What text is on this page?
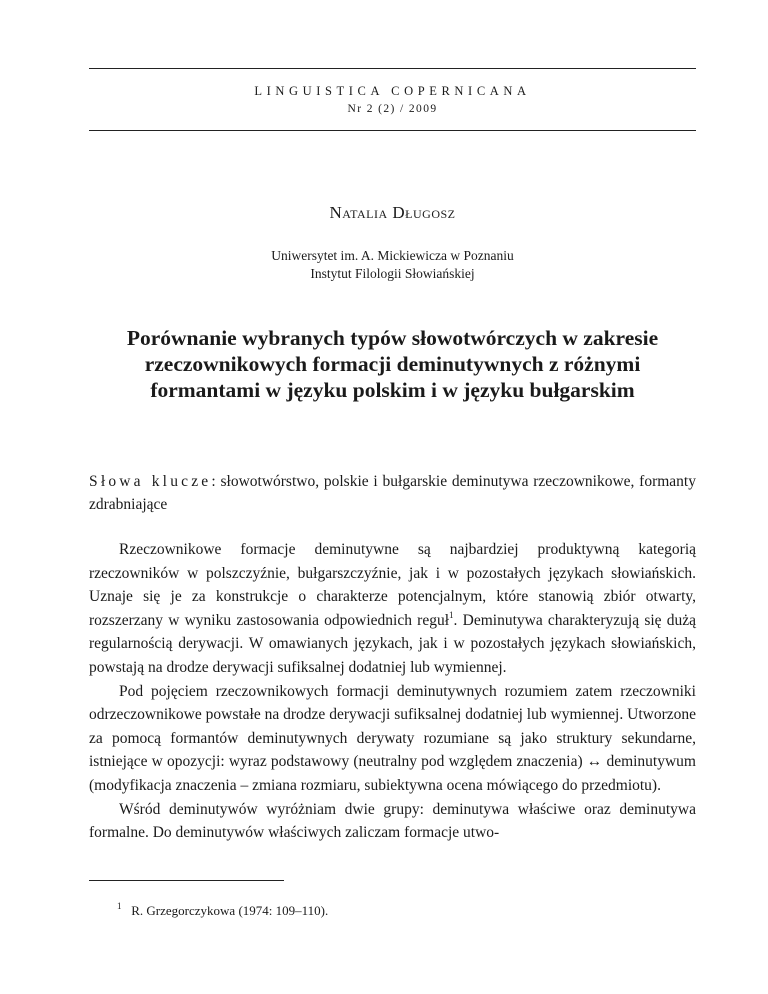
LINGUISTICA COPERNICANA
Nr 2 (2) / 2009
Natalia Długosz
Uniwersytet im. A. Mickiewicza w Poznaniu
Instytut Filologii Słowiańskiej
Porównanie wybranych typów słowotwórczych w zakresie rzeczownikowych formacji deminutywnych z różnymi formantami w języku polskim i w języku bułgarskim
Słowa klucze: słowotwórstwo, polskie i bułgarskie deminutywa rzeczownikowe, formanty zdrabniające

Rzeczownikowe formacje deminutywne są najbardziej produktywną kategorią rzeczowników w polszczyźnie, bułgarszczyźnie, jak i w pozostałych językach słowiańskich. Uznaje się je za konstrukcje o charakterze potencjalnym, które stanowią zbiór otwarty, rozszerzany w wyniku zastosowania odpowiednich reguł$^1$. Deminutywa charakteryzują się dużą regularnością derywacji. W omawianych językach, jak i w pozostałych językach słowiańskich, powstają na drodze derywacji sufiksalnej dodatniej lub wymiennej.

Pod pojęciem rzeczownikowych formacji deminutywnych rozumiem zatem rzeczowniki odrzeczownikowe powstałe na drodze derywacji sufiksalnej dodatniej lub wymiennej. Utworzone za pomocą formantów deminutywnych derywaty rozumiane są jako struktury sekundarne, istniejące w opozycji: wyraz podstawowy (neutralny pod względem znaczenia) ↔ deminutywum (modyfikacja znaczenia – zmiana rozmiaru, subiektywna ocena mówiącego do przedmiotu).

Wśród deminutywów wyróżniam dwie grupy: deminutywa właściwe oraz deminutywa formalne. Do deminutywów właściwych zaliczam formacje utwo-

$^1$ R. Grzegorczykowa (1974: 109–110).
